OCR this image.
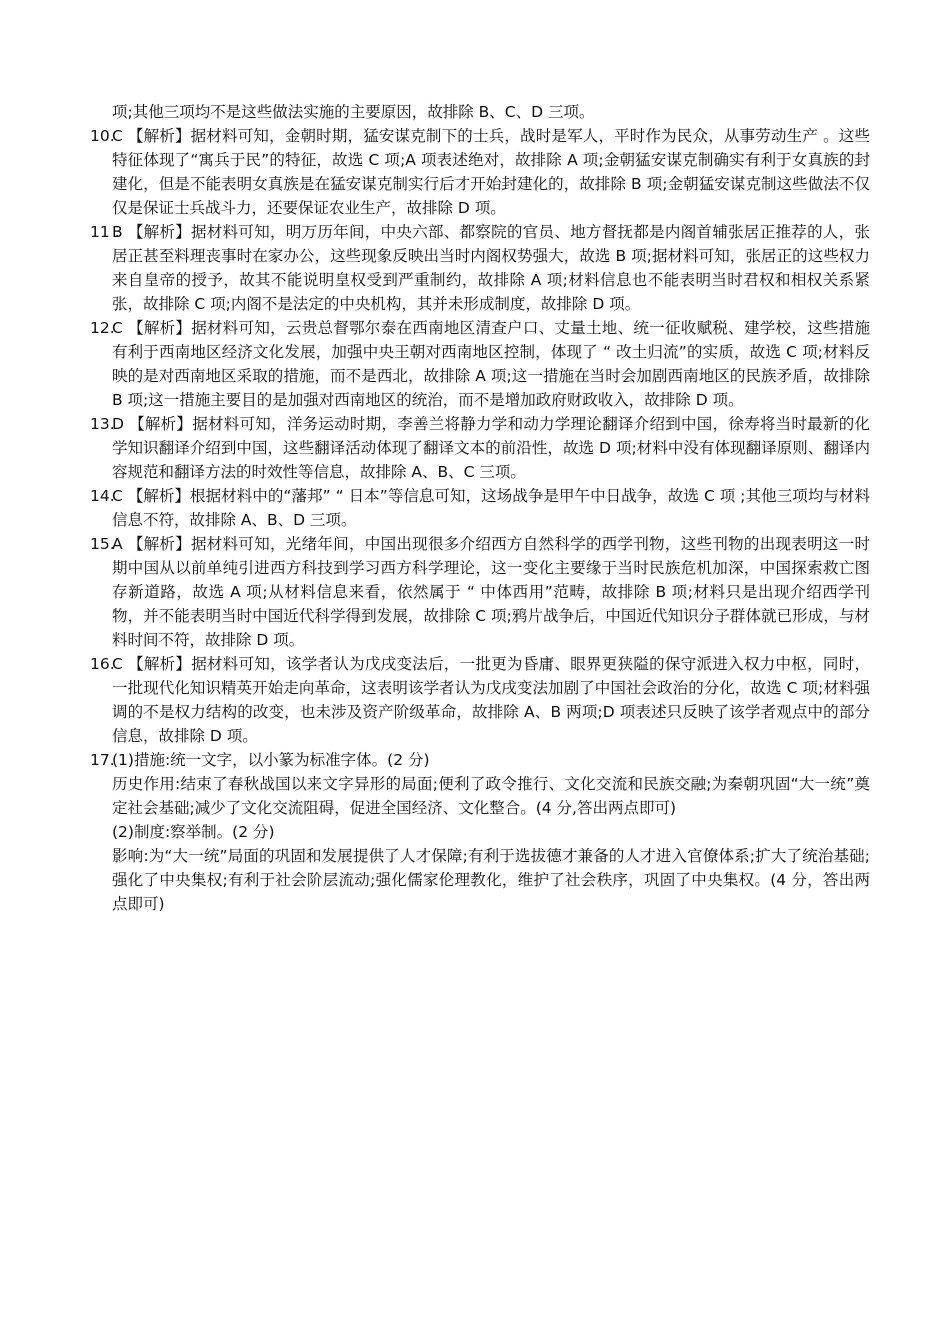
项;其他三项均不是这些做法实施的主要原因，故排除 B、C、D 三项。

10.
C 【解析】据材料可知，金朝时期，猛安谋克制下的士兵，战时是军人，平时作为民众，从事劳动生产 。这些特征体现了“寓兵于民”的特征，故选 C 项;A 项表述绝对，故排除 A 项;金朝猛安谋克制确实有利于女真族的封建化，但是不能表明女真族是在猛安谋克制实行后才开始封建化的，故排除 B 项;金朝猛安谋克制这些做法不仅仅是保证士兵战斗力，还要保证农业生产，故排除 D 项。
11 .
B 【解析】据材料可知，明万历年间，中央六部、都察院的官员、地方督抚都是内阁首辅张居正推荐的人，张居正甚至料理丧事时在家办公，这些现象反映出当时内阁权势强大，故选 B 项;据材料可知，张居正的这些权力来自皇帝的授予，故其不能说明皇权受到严重制约，故排除 A 项;材料信息也不能表明当时君权和相权关系紧张，故排除 C 项;内阁不是法定的中央机构，其并未形成制度，故排除 D 项。
12.
C 【解析】据材料可知，云贵总督鄂尔泰在西南地区清查户口、丈量土地、统一征收赋税、建学校，这些措施有利于西南地区经济文化发展，加强中央王朝对西南地区控制，体现了 “ 改土归流”的实质，故选 C 项;材料反映的是对西南地区采取的措施，而不是西北，故排除 A 项;这一措施在当时会加剧西南地区的民族矛盾，故排除 B 项;这一措施主要目的是加强对西南地区的统治，而不是增加政府财政收入，故排除 D 项。
13.
D 【解析】据材料可知，洋务运动时期，李善兰将静力学和动力学理论翻译介绍到中国，徐寿将当时最新的化学知识翻译介绍到中国，这些翻译活动体现了翻译文本的前沿性，故选 D 项;材料中没有体现翻译原则、翻译内容规范和翻译方法的时效性等信息，故排除 A、B、C 三项。
14.
C 【解析】根据材料中的“藩邦” “ 日本”等信息可知，这场战争是甲午中日战争，故选 C 项 ;其他三项均与材料信息不符，故排除 A、B、D 三项。
15.
A 【解析】据材料可知，光绪年间，中国出现很多介绍西方自然科学的西学刊物，这些刊物的出现表明这一时期中国从以前单纯引进西方科技到学习西方科学理论，这一变化主要缘于当时民族危机加深，中国探索救亡图存新道路，故选 A 项;从材料信息来看，依然属于 “ 中体西用”范畴，故排除 B 项;材料只是出现介绍西学刊物，并不能表明当时中国近代科学得到发展，故排除 C 项;鸦片战争后，中国近代知识分子群体就已形成，与材料时间不符，故排除 D 项。
16.
C 【解析】据材料可知，该学者认为戊戌变法后，一批更为昏庸、眼界更狭隘的保守派进入权力中枢，同时，一批现代化知识精英开始走向革命，这表明该学者认为戊戌变法加剧了中国社会政治的分化，故选 C 项;材料强调的不是权力结构的改变，也未涉及资产阶级革命，故排除 A、B 两项;D 项表述只反映了该学者观点中的部分信息，故排除 D 项。
17.
(1)措施:统一文字，以小篆为标准字体。(2 分)
历史作用:结束了春秋战国以来文字异形的局面;便利了政令推行、文化交流和民族交融;为秦朝巩固“大一统”奠定社会基础;减少了文化交流阻碍，促进全国经济、文化整合。(4 分,答出两点即可)
(2)制度:察举制。(2 分)
影响:为“大一统”局面的巩固和发展提供了人才保障;有利于选拔德才兼备的人才进入官僚体系;扩大了统治基础;强化了中央集权;有利于社会阶层流动;强化儒家伦理教化，维护了社会秩序，巩固了中央集权。(4 分，答出两点即可)
